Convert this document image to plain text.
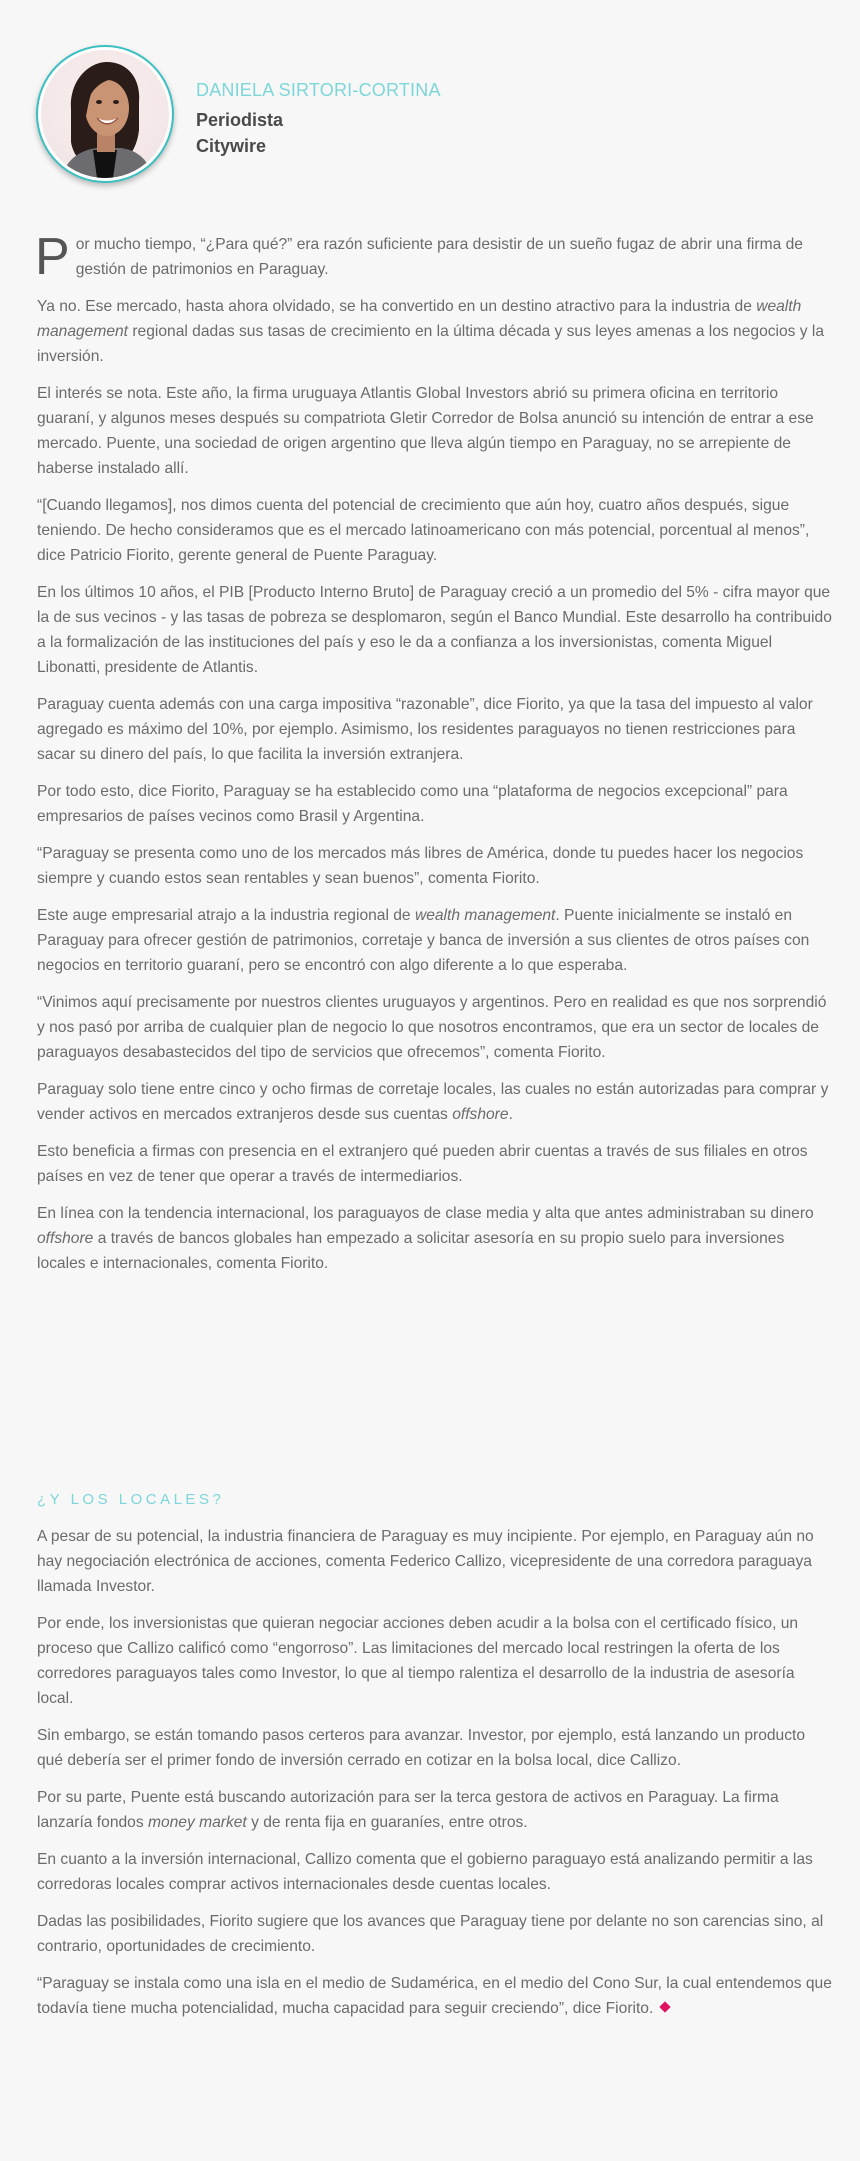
DANIELA SIRTORI-CORTINA
Periodista
Citywire

Por mucho tiempo, “¿Para qué?” era razón suficiente para desistir de un sueño fugaz de abrir una firma de gestión de patrimonios en Paraguay.

Ya no. Ese mercado, hasta ahora olvidado, se ha convertido en un destino atractivo para la industria de wealth management regional dadas sus tasas de crecimiento en la última década y sus leyes amenas a los negocios y la inversión.

El interés se nota. Este año, la firma uruguaya Atlantis Global Investors abrió su primera oficina en territorio guaraní, y algunos meses después su compatriota Gletir Corredor de Bolsa anunció su intención de entrar a ese mercado. Puente, una sociedad de origen argentino que lleva algún tiempo en Paraguay, no se arrepiente de haberse instalado allí.

“[Cuando llegamos], nos dimos cuenta del potencial de crecimiento que aún hoy, cuatro años después, sigue teniendo. De hecho consideramos que es el mercado latinoamericano con más potencial, porcentual al menos”, dice Patricio Fiorito, gerente general de Puente Paraguay.

En los últimos 10 años, el PIB [Producto Interno Bruto] de Paraguay creció a un promedio del 5% - cifra mayor que la de sus vecinos - y las tasas de pobreza se desplomaron, según el Banco Mundial. Este desarrollo ha contribuido a la formalización de las instituciones del país y eso le da a confianza a los inversionistas, comenta Miguel Libonatti, presidente de Atlantis.

Paraguay cuenta además con una carga impositiva “razonable”, dice Fiorito, ya que la tasa del impuesto al valor agregado es máximo del 10%, por ejemplo. Asimismo, los residentes paraguayos no tienen restricciones para sacar su dinero del país, lo que facilita la inversión extranjera.

Por todo esto, dice Fiorito, Paraguay se ha establecido como una “plataforma de negocios excepcional” para empresarios de países vecinos como Brasil y Argentina.

“Paraguay se presenta como uno de los mercados más libres de América, donde tu puedes hacer los negocios siempre y cuando estos sean rentables y sean buenos”, comenta Fiorito.

Este auge empresarial atrajo a la industria regional de wealth management. Puente inicialmente se instaló en Paraguay para ofrecer gestión de patrimonios, corretaje y banca de inversión a sus clientes de otros países con negocios en territorio guaraní, pero se encontró con algo diferente a lo que esperaba.

“Vinimos aquí precisamente por nuestros clientes uruguayos y argentinos. Pero en realidad es que nos sorprendió y nos pasó por arriba de cualquier plan de negocio lo que nosotros encontramos, que era un sector de locales de paraguayos desabastecidos del tipo de servicios que ofrecemos”, comenta Fiorito.

Paraguay solo tiene entre cinco y ocho firmas de corretaje locales, las cuales no están autorizadas para comprar y vender activos en mercados extranjeros desde sus cuentas offshore.

Esto beneficia a firmas con presencia en el extranjero qué pueden abrir cuentas a través de sus filiales en otros países en vez de tener que operar a través de intermediarios.

En línea con la tendencia internacional, los paraguayos de clase media y alta que antes administraban su dinero offshore a través de bancos globales han empezado a solicitar asesoría en su propio suelo para inversiones locales e internacionales, comenta Fiorito.

¿Y LOS LOCALES?

A pesar de su potencial, la industria financiera de Paraguay es muy incipiente. Por ejemplo, en Paraguay aún no hay negociación electrónica de acciones, comenta Federico Callizo, vicepresidente de una corredora paraguaya llamada Investor.

Por ende, los inversionistas que quieran negociar acciones deben acudir a la bolsa con el certificado físico, un proceso que Callizo calificó como “engorroso”. Las limitaciones del mercado local restringen la oferta de los corredores paraguayos tales como Investor, lo que al tiempo ralentiza el desarrollo de la industria de asesoría local.

Sin embargo, se están tomando pasos certeros para avanzar. Investor, por ejemplo, está lanzando un producto qué debería ser el primer fondo de inversión cerrado en cotizar en la bolsa local, dice Callizo.

Por su parte, Puente está buscando autorización para ser la terca gestora de activos en Paraguay. La firma lanzaría fondos money market y de renta fija en guaraníes, entre otros.

En cuanto a la inversión internacional, Callizo comenta que el gobierno paraguayo está analizando permitir a las corredoras locales comprar activos internacionales desde cuentas locales.

Dadas las posibilidades, Fiorito sugiere que los avances que Paraguay tiene por delante no son carencias sino, al contrario, oportunidades de crecimiento.

“Paraguay se instala como una isla en el medio de Sudamérica, en el medio del Cono Sur, la cual entendemos que todavía tiene mucha potencialidad, mucha capacidad para seguir creciendo”, dice Fiorito.
